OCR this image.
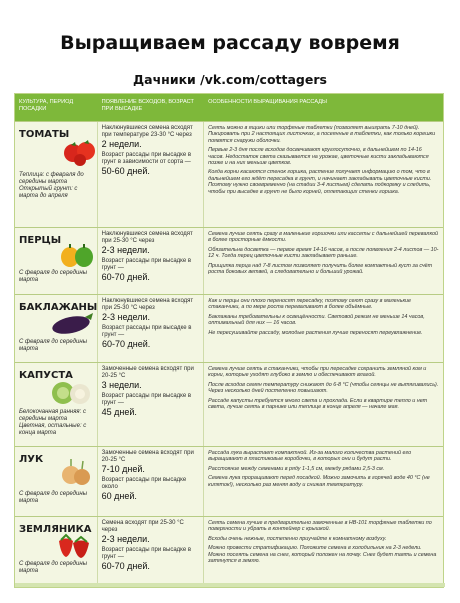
Выращиваем рассаду вовремя
Дачники /vk.com/cottagers
КУЛЬТУРА, ПЕРИОД ПОСАДКИ
ПОЯВЛЕНИЕ ВСХОДОВ, ВОЗРАСТ ПРИ ВЫСАДКЕ
ОСОБЕННОСТИ ВЫРАЩИВАНИЯ РАССАДЫ
ТОМАТЫ
Теплица: с февраля до середины марта Открытый грунт: с марта до апреля
Наклюнувшиеся семена всходят при температуре 23-30 °С через
2 недели.
Возраст рассады при высадке в грунт в зависимости от сорта —
50-60 дней.

Сеять можно в ящики или торфяные таблетки (позволяет выиграть 7-10 дней). Пикировать при 2 настоящих листочках, а посеянные в таблетки, как только корешки появятся снаружи оболочки.

Первые 2-3 дня после всходов досвечивают круглосуточно, в дальнейшем по 14-16 часов. Недостаток света сказывается на урожае, цветочные кисти закладываются позже и на них меньше цветков.

Когда корни касаются стенок горшка, растение получает информацию о том, что в дальнейшем его ждёт пересадка в грунт, и начинает закладывать цветочные кисти. Поэтому нужно своевременно (на стадии 3-4 листьев) сделать подкормку и следить, чтобы при высадке в грунт не было корней, оплетающих стенки горшка.

ПЕРЦЫ
С февраля до середины марта
Наклюнувшиеся семена всходят при 25-30 °С через
2-3 недели.
Возраст рассады при высадке в грунт —
60-70 дней.

Семена лучше сеять сразу в маленькие горшочки или кассеты с дальнейшей перевалкой в более просторные ёмкости.

Обязательна досветка — первое время 14-16 часов, а после появления 2-4 листов — 10-12 ч. Тогда перец цветочные кисти закладывает раньше.

Прищипка перца над 7-8 листом позволяет получить более компактный куст за счёт роста боковых ветвей, а следовательно и больший урожай.

БАКЛАЖАНЫ
С февраля до середины марта
Наклюнувшиеся семена всходят при 25-30 °С через
2-3 недели.
Возраст рассады при высадке в грунт —
60-70 дней.

Как и перцы они плохо переносят пересадку, поэтому сеют сразу в маленькие стаканчики, а по мере роста переваливают в более объёмные.

Баклажаны требовательны к освещённости. Световой режим не меньше 14 часов, оптимальный для них — 16 часов.

Не пересушивайте рассаду, молодые растения лучше переносят переувлажнение.

КАПУСТА
Белокочанная ранняя: с середины марта Цветная, остальные: с конца марта
Замоченные семена всходят при 20-25 °С
3 недели.
Возраст рассады при высадке в грунт —
45 дней.

Семена лучше сеять в стаканчики, чтобы при пересадке сохранить земляной ком и корни, которые уходят глубоко в землю и обеспечивают влагой.

После всходов семян температуру снижают до 6-8 °С (чтобы сеянцы не вытягивались). Через несколько дней постепенно повышают.

Рассаде капусты требуется много света и прохлада. Если в квартире тепло и нет света, лучше сеять в парнике или теплице в конце апреля — начале мая.

ЛУК
С февраля до середины марта
Замоченные семена всходят при 20-25 °С
7-10 дней.
Возраст рассады при высадке около
60 дней.

Рассада лука вырастает компактной. Из-за малого количества растений его выращивают в пластиковые коробочки, в которых они и будут расти.

Расстояние между семенами в ряду 1-1,5 см, между рядами 2,5-3 см.

Семена лука проращивают перед посадкой. Можно замочить в горячей воде 40 °С (не кипяток!), несколько раз меняя воду и снижая температуру.

ЗЕМЛЯНИКА
С февраля до середины марта
Семена всходят при 25-30 °С через
2-3 недели.
Возраст рассады при высадке в грунт —
60-70 дней.

Сеять семена лучше в предварительно замоченные в НВ-101 торфяные таблетки по поверхности и убрать в контейнер с крышкой.

Всходы очень нежные, постепенно приучайте к комнатному воздуху.

Можно провести стратификацию. Положите семена в холодильник на 2-3 недели. Можно посеять семена на снег, который положен на почву. Снег будет таять и семена затянутся в землю.
